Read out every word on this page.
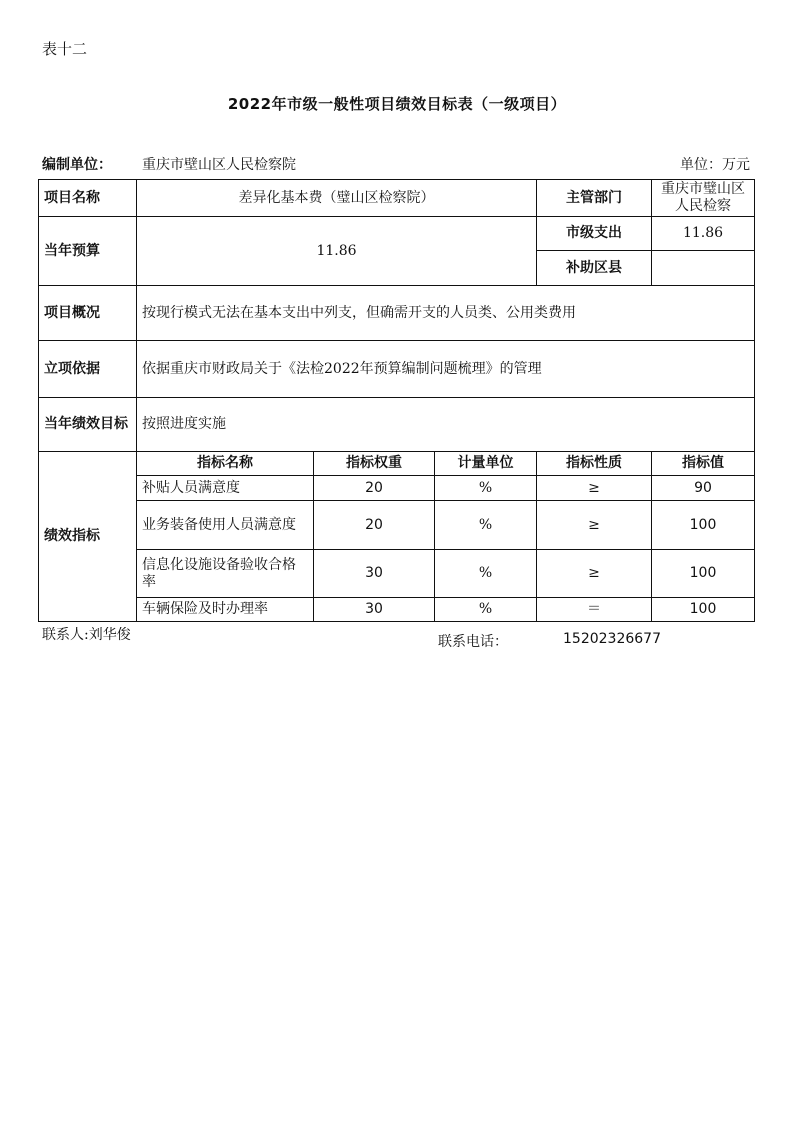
表十二
2022年市级一般性项目绩效目标表（一级项目）
编制单位： 重庆市壁山区人民检察院	单位：万元
项目名称	差异化基本费（璧山区检察院）			主管部门	重庆市璧山区人民检察
当年预算	11.86			市级支出	11.86
				补助区县	
项目概况	按现行模式无法在基本支出中列支，但确需开支的人员类、公用类费用				
立项依据	依据重庆市财政局关于《法检2022年预算编制问题梳理》的管理				
当年绩效目标	按照进度实施				
绩效指标	指标名称	指标权重	计量单位	指标性质	指标值
	补贴人员满意度	20	%	≥	90
	业务装备使用人员满意度	20	%	≥	100
	信息化设施设备验收合格率	30	%	≥	100
	车辆保险及时办理率	30	%	＝	100
联系人:刘华俊	联系电话：	15202326677
